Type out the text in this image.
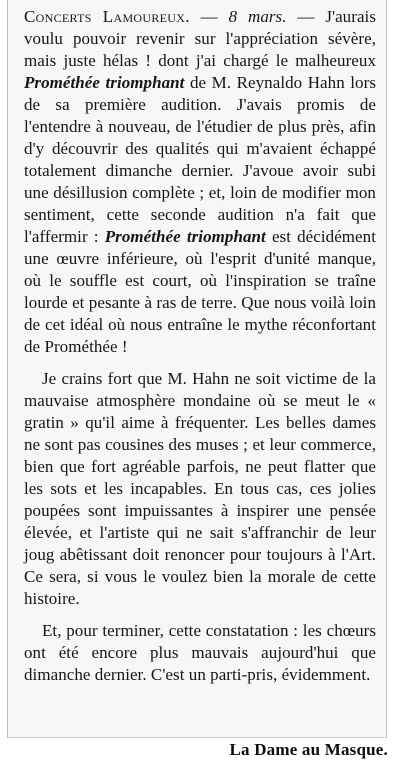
Concerts Lamoureux. — 8 mars. — J'aurais voulu pouvoir revenir sur l'appréciation sévère, mais juste hélas ! dont j'ai chargé le malheureux Prométhée triomphant de M. Reynaldo Hahn lors de sa première audition. J'avais promis de l'entendre à nouveau, de l'étudier de plus près, afin d'y découvrir des qualités qui m'avaient échappé totalement dimanche dernier. J'avoue avoir subi une désillusion complète ; et, loin de modifier mon sentiment, cette seconde audition n'a fait que l'affermir : Prométhée triomphant est décidément une œuvre inférieure, où l'esprit d'unité manque, où le souffle est court, où l'inspiration se traîne lourde et pesante à ras de terre. Que nous voilà loin de cet idéal où nous entraîne le mythe réconfortant de Prométhée !

Je crains fort que M. Hahn ne soit victime de la mauvaise atmosphère mondaine où se meut le « gratin » qu'il aime à fréquenter. Les belles dames ne sont pas cousines des muses ; et leur commerce, bien que fort agréable parfois, ne peut flatter que les sots et les incapables. En tous cas, ces jolies poupées sont impuissantes à inspirer une pensée élevée, et l'artiste qui ne sait s'affranchir de leur joug abêtissant doit renoncer pour toujours à l'Art. Ce sera, si vous le voulez bien la morale de cette histoire.

Et, pour terminer, cette constatation : les chœurs ont été encore plus mauvais aujourd'hui que dimanche dernier. C'est un parti-pris, évidemment.

La Dame au Masque.
